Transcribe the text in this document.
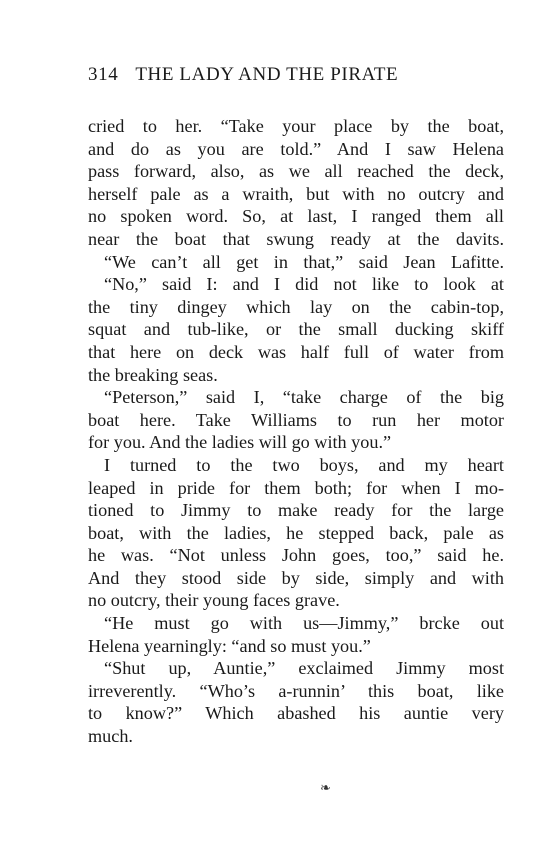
314 THE LADY AND THE PIRATE
cried to her. “Take your place by the boat,
and do as you are told.” And I saw Helena
pass forward, also, as we all reached the deck,
herself pale as a wraith, but with no outcry and
no spoken word. So, at last, I ranged them all
near the boat that swung ready at the davits.
“We can’t all get in that,” said Jean Lafitte.
“No,” said I: and I did not like to look at
the tiny dingey which lay on the cabin-top,
squat and tub-like, or the small ducking skiff
that here on deck was half full of water from
the breaking seas.
“Peterson,” said I, “take charge of the big
boat here. Take Williams to run her motor
for you. And the ladies will go with you.”
I turned to the two boys, and my heart
leaped in pride for them both; for when I mo-
tioned to Jimmy to make ready for the large
boat, with the ladies, he stepped back, pale as
he was. “Not unless John goes, too,” said he.
And they stood side by side, simply and with
no outcry, their young faces grave.
“He must go with us—Jimmy,” brcke out
Helena yearningly: “and so must you.”
“Shut up, Auntie,” exclaimed Jimmy most
irreverently. “Who’s a-runnin’ this boat, like
to know?” Which abashed his auntie very
much.
❧
